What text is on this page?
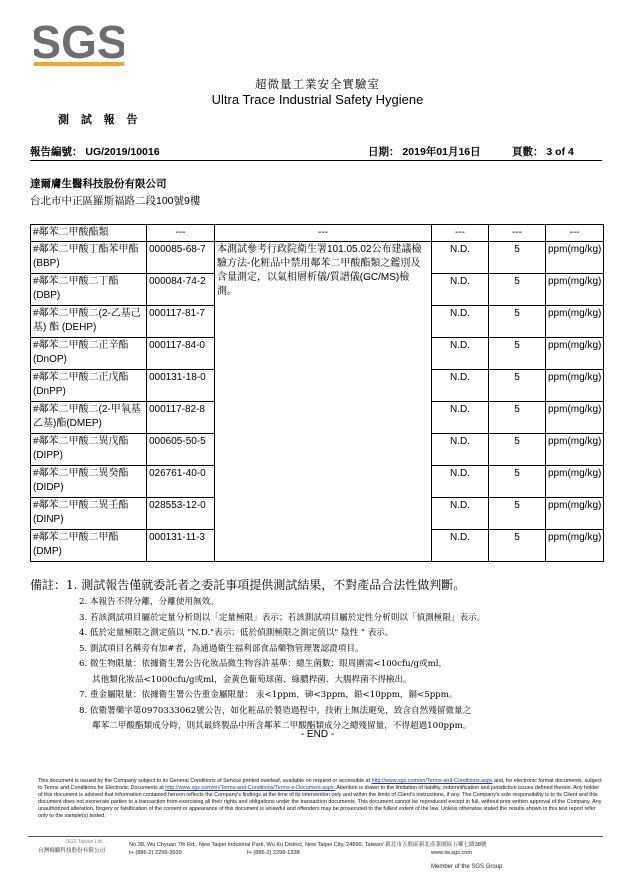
SGS
超微量工業安全實驗室
Ultra Trace Industrial Safety Hygiene
測 試 報 告
報告編號： UG/2019/10016	日期： 2019年01月16日	頁數： 3 of 4
達爾膚生醫科技股份有限公司
台北市中正區羅斯福路二段100號9樓
#鄰苯二甲酸酯類	---	---	---	---	---
#鄰苯二甲酸丁酯苯甲酯(BBP)	000085-68-7	本測試參考行政院衛生署101.05.02公布建議檢驗方法-化粧品中禁用鄰苯二甲酸酯類之鑑別及含量測定，以氣相層析儀/質譜儀(GC/MS)檢測。	N.D.	5	ppm(mg/kg)
#鄰苯二甲酸二丁酯(DBP)	000084-74-2		N.D.	5	ppm(mg/kg)
#鄰苯二甲酸二(2-乙基己基) 酯 (DEHP)	000117-81-7		N.D.	5	ppm(mg/kg)
#鄰苯二甲酸二正辛酯(DnOP)	000117-84-0		N.D.	5	ppm(mg/kg)
#鄰苯二甲酸二正戊酯(DnPP)	000131-18-0		N.D.	5	ppm(mg/kg)
#鄰苯二甲酸二(2-甲氧基乙基)酯(DMEP)	000117-82-8		N.D.	5	ppm(mg/kg)
#鄰苯二甲酸二異戊酯(DIPP)	000605-50-5		N.D.	5	ppm(mg/kg)
#鄰苯二甲酸二異癸酯(DIDP)	026761-40-0		N.D.	5	ppm(mg/kg)
#鄰苯二甲酸二異壬酯(DINP)	028553-12-0		N.D.	5	ppm(mg/kg)
#鄰苯二甲酸二甲酯(DMP)	000131-11-3		N.D.	5	ppm(mg/kg)
備註：1. 測試報告僅就委託者之委託事項提供測試結果，不對產品合法性做判斷。
2. 本報告不得分離，分離使用無效。
3. 若該測試項目屬於定量分析則以「定量極限」表示；若該測試項目屬於定性分析則以「偵測極限」表示。
4. 低於定量極限之測定值以 "N.D."表示；低於偵測極限之測定值以" 陰性 " 表示。
5. 測試項目名稱旁有加#者，為通過衛生福利部食品藥物管理署認證項目。
6. 微生物限量：依據衛生署公告化妝品微生物容許基準：總生菌數：眼周圍需<100cfu/g或ml，
其他類化妝品<1000cfu/g或ml，金黃色葡萄球菌、綠膿桿菌、大腸桿菌不得檢出。
7. 重金屬限量：依據衛生署公告重金屬限量： 汞<1ppm，砷<3ppm，鉛<10ppm，鎘<5ppm。
8. 依衛署藥字第0970333062號公告，如化粧品於製造過程中，技術上無法避免，致含自然殘留微量之
鄰苯二甲酸酯類成分時，則其最終製品中所含鄰苯二甲酸酯類成分之總殘留量，不得超過100ppm。
- END -
This document is issued by the Company subject to its General Conditions of Service printed overleaf, available on request or accessible at http://www.sgs.com/en/Terms-and-Conditions.aspx and, for electronic format documents, subject to Terms and Conditions for Electronic Documents at http://www.sgs.com/en/Terms-and-Conditions/Terms-e-Document.aspx. Attention is drawn to the limitation of liability, indemnification and jurisdiction issues defined therein. Any holder of this document is advised that information contained hereon reflects the Company's findings at the time of its intervention only and within the limits of Client's instructions, if any. The Company's sole responsibility is to its Client and this document does not exonerate parties to a transaction from exercising all their rights and obligations under the transaction documents. This document cannot be reproduced except in full, without prior written approval of the Company. Any unauthorized alteration, forgery or falsification of the content or appearance of this document is unlawful and offenders may be prosecuted to the fullest extent of the law. Unless otherwise stated the results shown in this test report refer only to the sample(s) tested.
SGS Taiwan Ltd.
台灣檢驗科技股份有限公司
No.38, Wu Chyuan 7th Rd., New Taipei Industrial Park, Wu Ku District, New Taipei City, 24890, Taiwan/ 新北市五股區新北產業園區五權七路38號
t+ (886-2) 2299-3939	f+ (886-2) 2298-1338	www.tw.sgs.com
Member of the SGS Group
